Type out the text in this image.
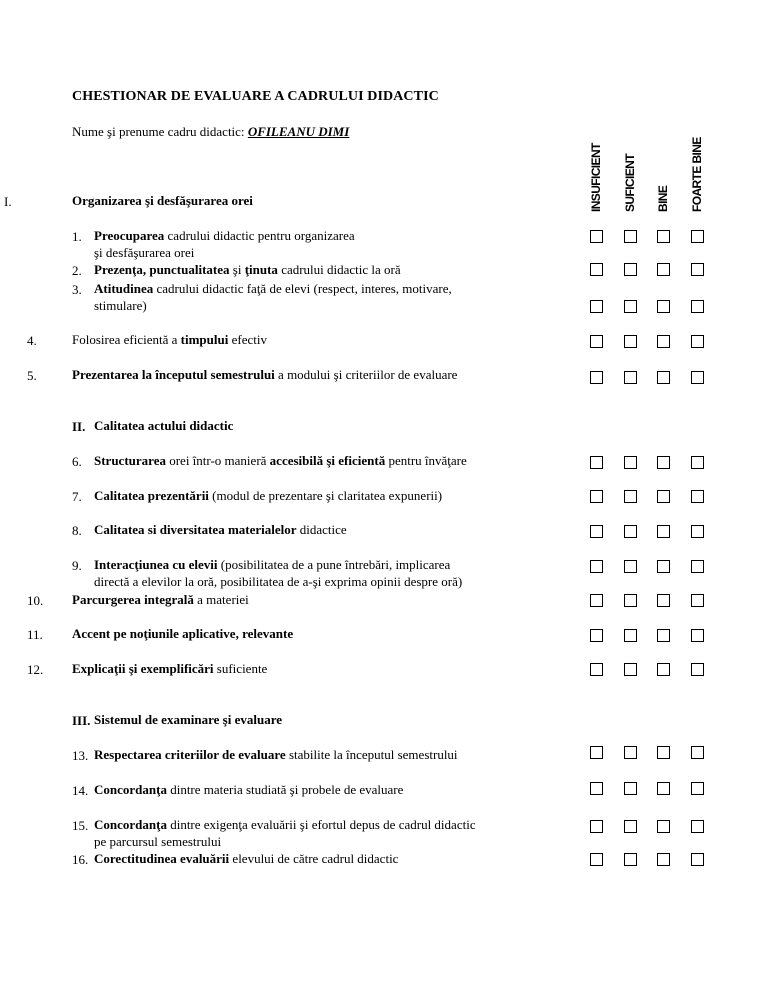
CHESTIONAR DE EVALUARE A CADRULUI DIDACTIC
Nume şi prenume cadru didactic: OFILEANU DIMI
INSUFICIENT SUFICIENT BINE FOARTE BINE
I.	Organizarea şi desfăşurarea orei
1. Preocuparea cadrului didactic pentru organizarea
şi desfăşurarea orei
2. Prezenţa, punctualitatea şi ţinuta cadrului didactic la oră
3. Atitudinea cadrului didactic faţă de elevi (respect, interes, motivare,
stimulare)
4.	Folosirea eficientă a timpului efectiv
5.	Prezentarea la începutul semestrului a modului şi criteriilor de evaluare
II. Calitatea actului didactic
6. Structurarea orei într-o manieră accesibilă şi eficientă pentru învăţare
7. Calitatea prezentării (modul de prezentare şi claritatea expunerii)
8. Calitatea si diversitatea materialelor didactice
9. Interacţiunea cu elevii (posibilitatea de a pune întrebări, implicarea
directă a elevilor la oră, posibilitatea de a-şi exprima opinii despre oră)
10. Parcurgerea integrală a materiei
11. Accent pe noţiunile aplicative, relevante
12. Explicaţii şi exemplificări suficiente
III. Sistemul de examinare şi evaluare
13. Respectarea criteriilor de evaluare stabilite la începutul semestrului
14. Concordanţa dintre materia studiată şi probele de evaluare
15. Concordanţa dintre exigenţa evaluării şi efortul depus de cadrul didactic
pe parcursul semestrului
16. Corectitudinea evaluării elevului de către cadrul didactic
